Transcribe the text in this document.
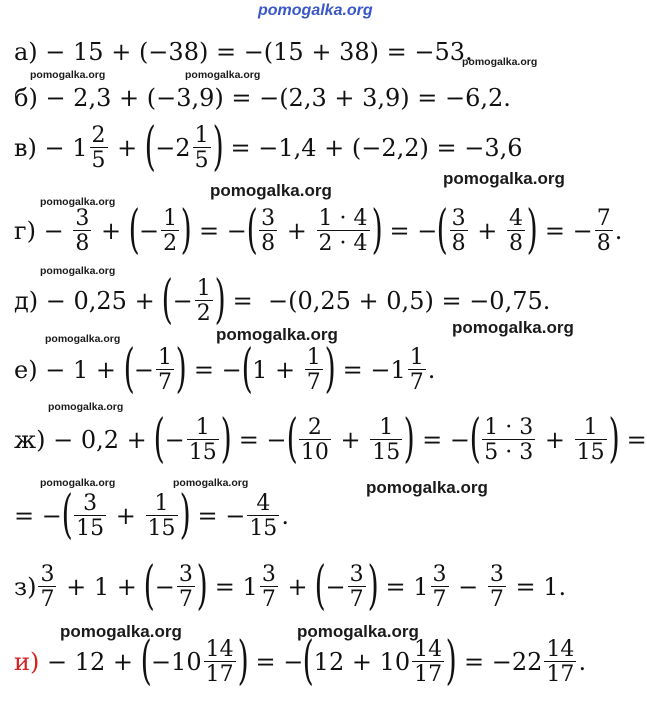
pomogalka.org
pomogalka.org	pomogalka.org
pomogalka.org
pomogalka.org
pomogalka.org
pomogalka.org
pomogalka.org
pomogalka.org	pomogalka.org
pomogalka.org
pomogalka.org
pomogalka.org	pomogalka.org	pomogalka.org
pomogalka.org	pomogalka.org
а) − 15 + (−38) = −(15 + 38) = −53.
б) − 2,3 + (−3,9) = −(2,3 + 3,9) = −6,2.
$в) - 1 \frac{2}{5}$ + ( $-2 \frac{1}{5}$ ) = −1,4 + (−2,2) = −3,6
$г) - \frac{3}{8}$ + ( − $\frac{1}{2}$ ) = − ( $\frac{3}{8} + \frac{1 \cdot 4}{2 \cdot 4}$ ) = − ( $\frac{3}{8} + \frac{4}{8}$ ) = − $\frac{7}{8}$ .
д) − 0,25 + ( − $\frac{1}{2}$ ) =  −(0,25 + 0,5) = −0,75.
е) − 1 + ( − $\frac{1}{7}$ ) = − ( $1 + \frac{1}{7}$ ) = $-1 \frac{1}{7}$ .
ж) − 0,2 + ( − $\frac{1}{15}$ ) = − ( $\frac{2}{10} + \frac{1}{15}$ ) = − ( $\frac{1 \cdot 3}{5 \cdot 3} + \frac{1}{15}$ ) =
= − ( $\frac{3}{15} + \frac{1}{15}$ ) = − $\frac{4}{15}$ .
$з) \frac{3}{7} + 1$ + ( − $\frac{3}{7}$ ) = $1 \frac{3}{7}$ + ( − $\frac{3}{7}$ ) = $1 \frac{3}{7} - \frac{3}{7} = 1$.
и) − 12 + ( $-10 \frac{14}{17}$ ) = − ( $12 + 10 \frac{14}{17}$ ) = $-22 \frac{14}{17}$ .
